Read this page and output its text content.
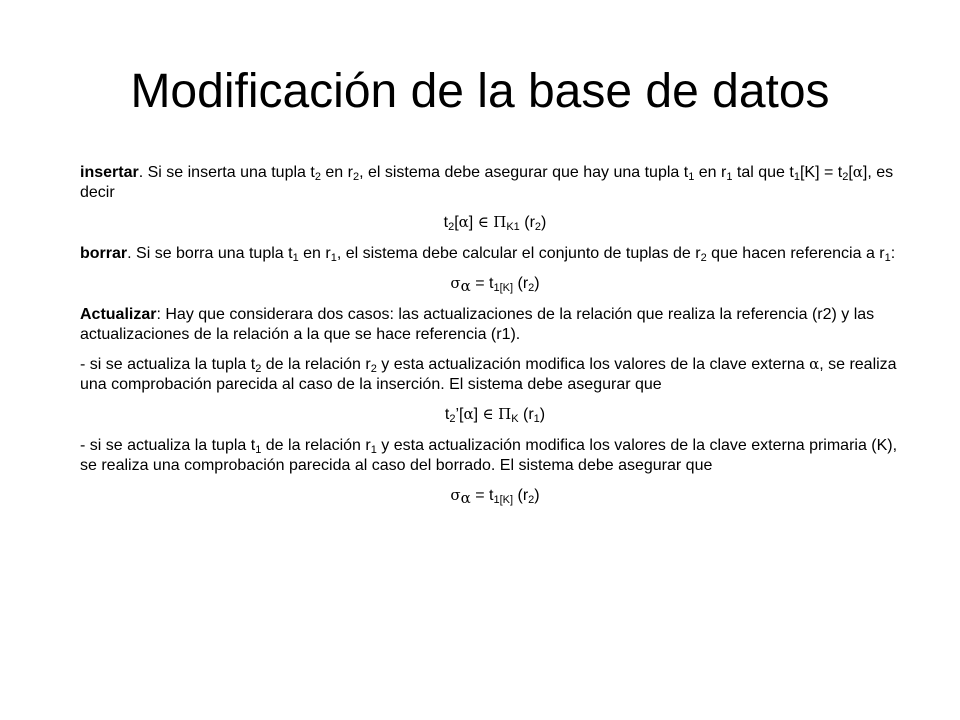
Modificación de la base de datos

insertar. Si se inserta una tupla $t_2$ en $r_2$, el sistema debe asegurar que hay una tupla $t_1$ en $r_1$ tal que $t_1[K] = t_2[\alpha]$, es decir

$t_2[\alpha]$ ∈ $\Pi_{K1}$ $(r_2)$

borrar. Si se borra una tupla $t_1$ en $r_1$, el sistema debe calcular el conjunto de tuplas de $r_2$ que hacen referencia a $r_1$:

$\sigma_\alpha = t_{1[K]}$ $(r_2)$

Actualizar: Hay que considerara dos casos: las actualizaciones de la relación que realiza la referencia (r2) y las actualizaciones de la relación a la que se hace referencia (r1).

- si se actualiza la tupla $t_2$ de la relación $r_2$ y esta actualización modifica los valores de la clave externa α, se realiza una comprobación parecida al caso de la inserción. El sistema debe asegurar que

$t_2’[\alpha]$ ∈ $\Pi_K$ $(r_1)$

- si se actualiza la tupla $t_1$ de la relación $r_1$ y esta actualización modifica los valores de la clave externa primaria (K), se realiza una comprobación parecida al caso del borrado. El sistema debe asegurar que

$\sigma_\alpha = t_{1[K]}$ $(r_2)$
